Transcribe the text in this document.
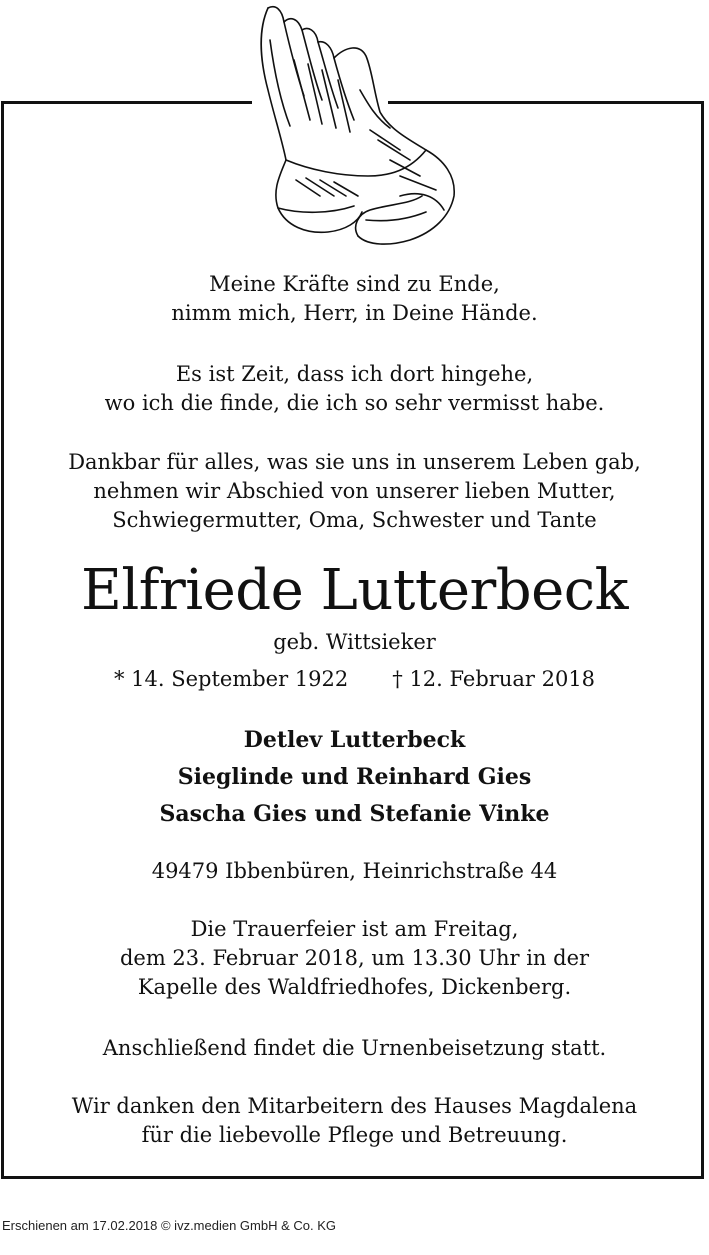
Meine Kräfte sind zu Ende,
nimm mich, Herr, in Deine Hände.
Es ist Zeit, dass ich dort hingehe,
wo ich die finde, die ich so sehr vermisst habe.
Dankbar für alles, was sie uns in unserem Leben gab,
nehmen wir Abschied von unserer lieben Mutter,
Schwiegermutter, Oma, Schwester und Tante
Elfriede Lutterbeck
geb. Wittsieker
* 14. September 1922 † 12. Februar 2018
Detlev Lutterbeck
Sieglinde und Reinhard Gies
Sascha Gies und Stefanie Vinke
49479 Ibbenbüren, Heinrichstraße 44
Die Trauerfeier ist am Freitag,
dem 23. Februar 2018, um 13.30 Uhr in der
Kapelle des Waldfriedhofes, Dickenberg.
Anschließend findet die Urnenbeisetzung statt.
Wir danken den Mitarbeitern des Hauses Magdalena
für die liebevolle Pflege und Betreuung.
Erschienen am 17.02.2018 © ivz.medien GmbH & Co. KG
